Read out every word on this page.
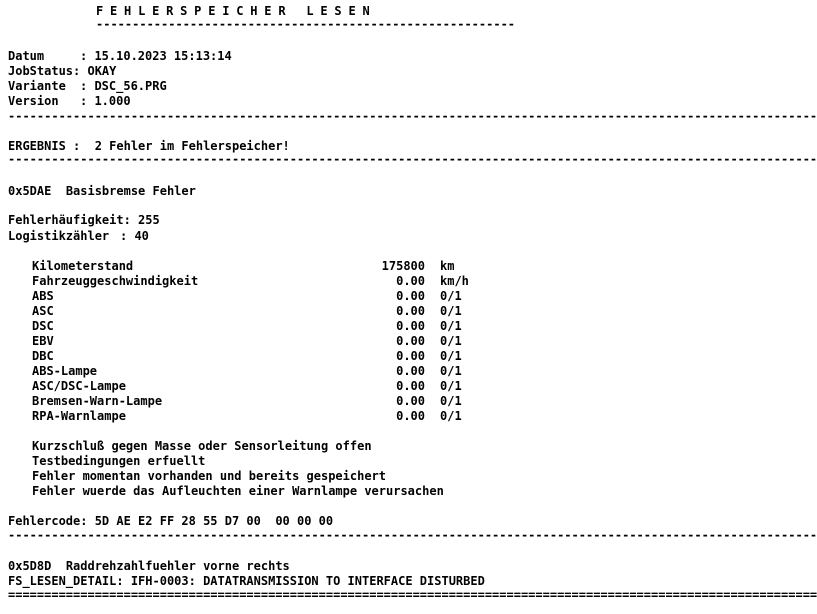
FEHLERSPEICHER LESEN
----------------------------------------------------------
Datum	: 15.10.2023 15:13:14
JobStatus: OKAY
Variante : DSC_56.PRG
Version : 1.000
----------------------------------------------------------------------------------------------------------------
ERGEBNIS :  2 Fehler im Fehlerspeicher!
----------------------------------------------------------------------------------------------------------------
0x5DAE Basisbremse Fehler
Fehlerhäufigkeit: 255
Logistikzähler : 40
Kilometerstand	175800 km
Fahrzeuggeschwindigkeit	0.00 km/h
ABS	0.00 0/1
ASC	0.00 0/1
DSC	0.00 0/1
EBV	0.00 0/1
DBC	0.00 0/1
ABS-Lampe	0.00 0/1
ASC/DSC-Lampe	0.00 0/1
Bremsen-Warn-Lampe	0.00 0/1
RPA-Warnlampe	0.00 0/1
Kurzschluß gegen Masse oder Sensorleitung offen
Testbedingungen erfuellt
Fehler momentan vorhanden und bereits gespeichert
Fehler wuerde das Aufleuchten einer Warnlampe verursachen
Fehlercode: 5D AE E2 FF 28 55 D7 00  00 00 00
----------------------------------------------------------------------------------------------------------------
0x5D8D Raddrehzahlfuehler vorne rechts
FS_LESEN_DETAIL: IFH-0003: DATATRANSMISSION TO INTERFACE DISTURBED
================================================================================================================
